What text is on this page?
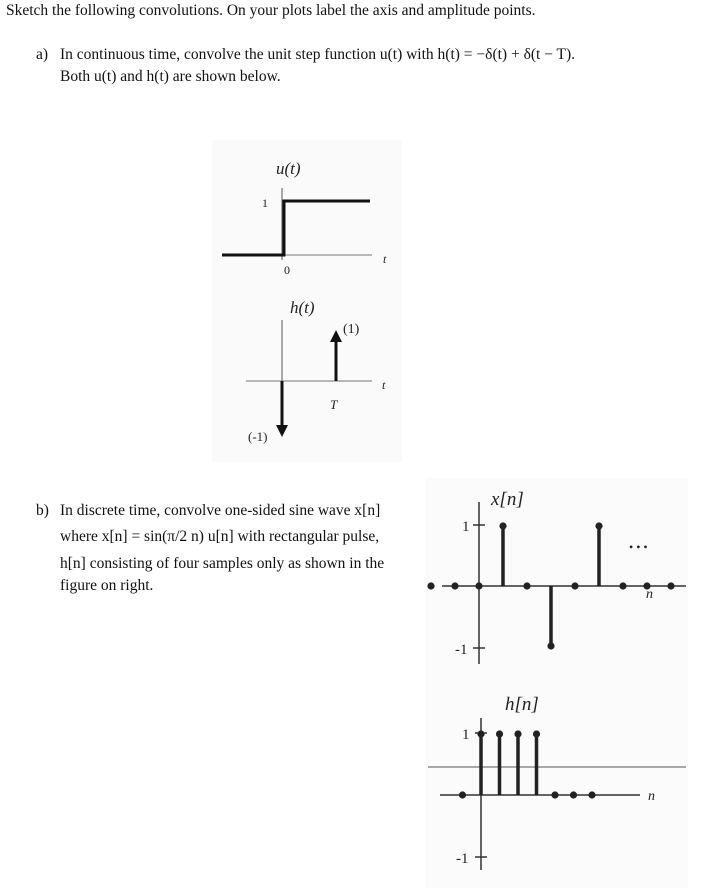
Sketch the following convolutions. On your plots label the axis and amplitude points.
a) In continuous time, convolve the unit step function u(t) with h(t) = −δ(t) + δ(t − T).
Both u(t) and h(t) are shown below.
b) In discrete time, convolve one-sided sine wave x[n]
where x[n] = sin(π/2 n) u[n] with rectangular pulse,
h[n] consisting of four samples only as shown in the
figure on right.
u(t)
1
0
t
h(t)
(1)
(-1)
T
t
x[n]
1
-1
n
• • •
h[n]
1
-1
n
